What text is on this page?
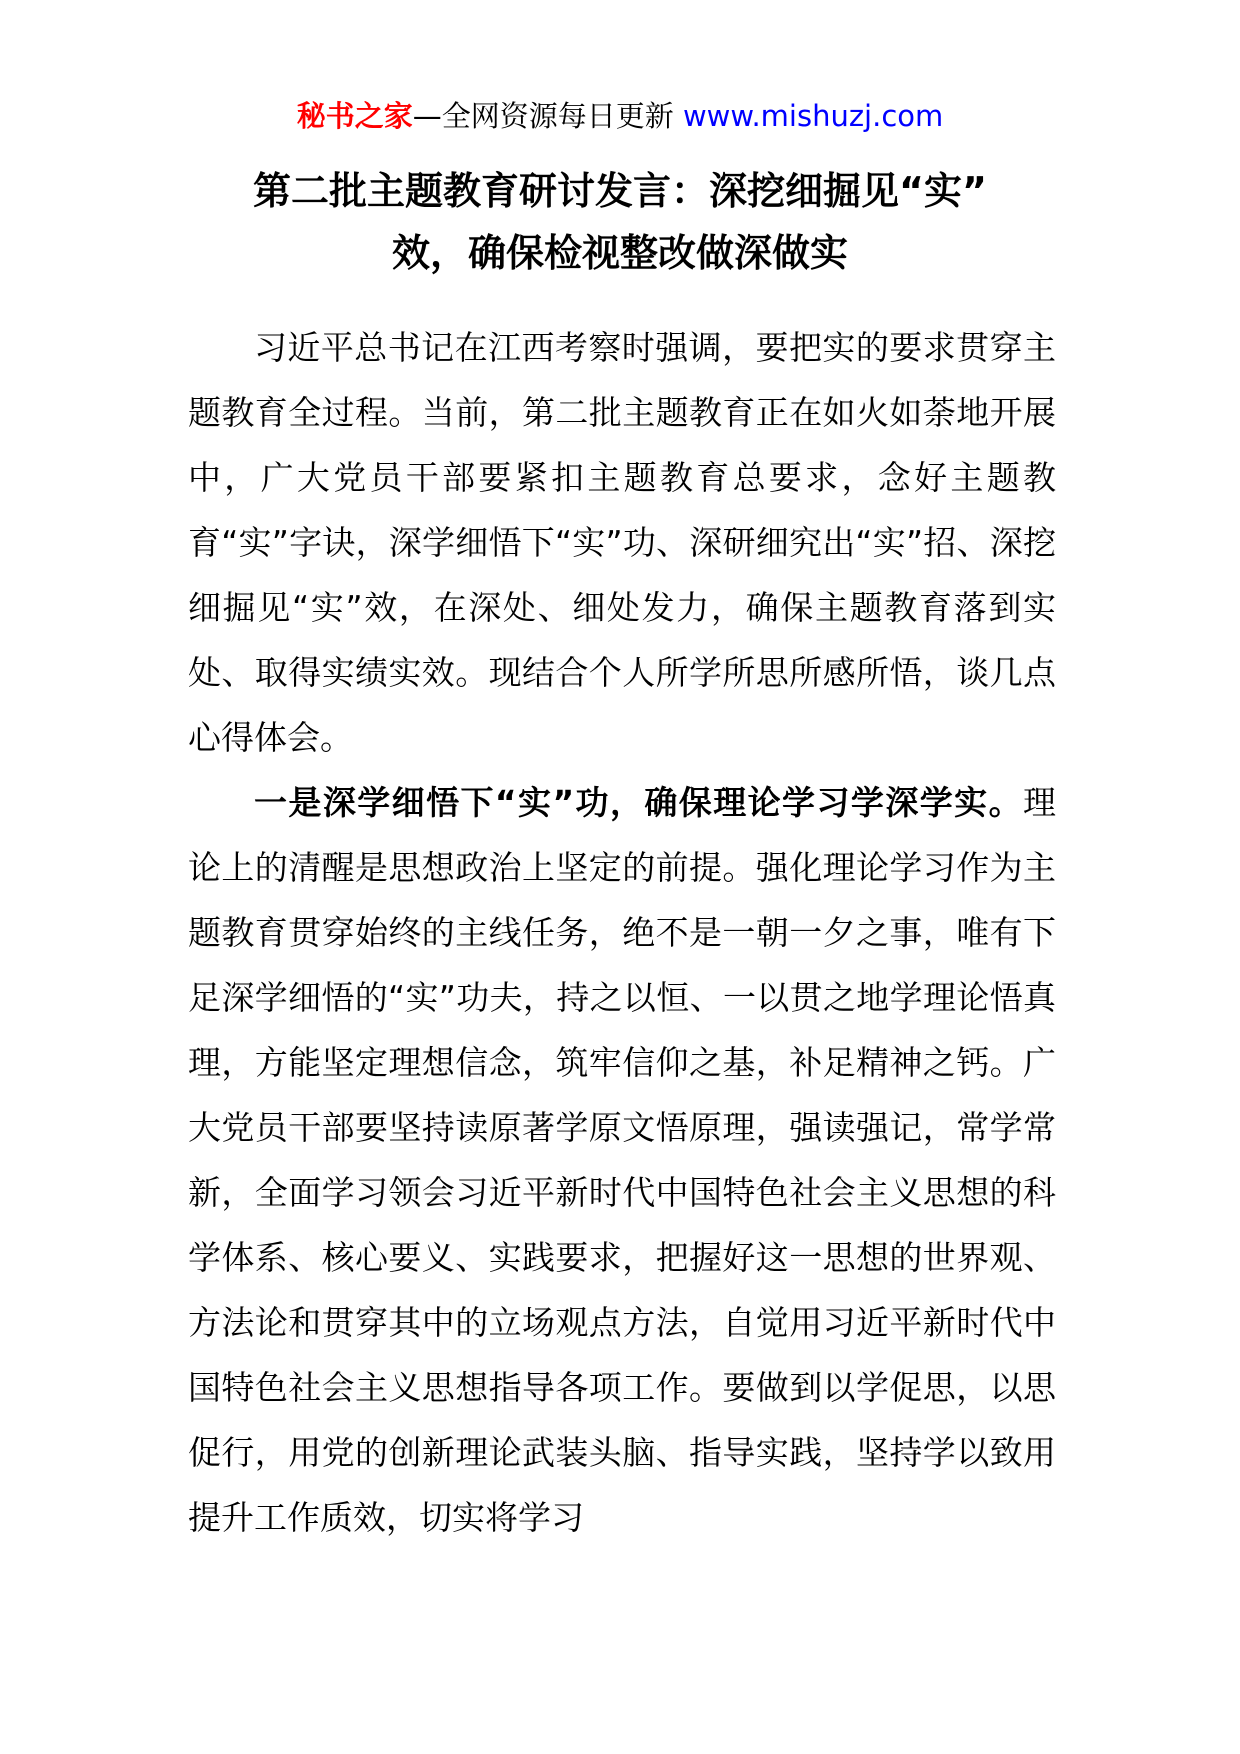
秘书之家—全网资源每日更新 www.mishuzj.com
第二批主题教育研讨发言：深挖细掘见“实”
效，确保检视整改做深做实

习近平总书记在江西考察时强调，要把实的要求贯穿主题教育全过程。当前，第二批主题教育正在如火如荼地开展中，广大党员干部要紧扣主题教育总要求，念好主题教育“实”字诀，深学细悟下“实”功、深研细究出“实”招、深挖细掘见“实”效，在深处、细处发力，确保主题教育落到实处、取得实绩实效。现结合个人所学所思所感所悟，谈几点心得体会。

一是深学细悟下“实”功，确保理论学习学深学实。理论上的清醒是思想政治上坚定的前提。强化理论学习作为主题教育贯穿始终的主线任务，绝不是一朝一夕之事，唯有下足深学细悟的“实”功夫，持之以恒、一以贯之地学理论悟真理，方能坚定理想信念，筑牢信仰之基，补足精神之钙。广大党员干部要坚持读原著学原文悟原理，强读强记，常学常新，全面学习领会习近平新时代中国特色社会主义思想的科学体系、核心要义、实践要求，把握好这一思想的世界观、方法论和贯穿其中的立场观点方法，自觉用习近平新时代中国特色社会主义思想指导各项工作。要做到以学促思，以思促行，用党的创新理论武装头脑、指导实践，坚持学以致用提升工作质效，切实将学习
